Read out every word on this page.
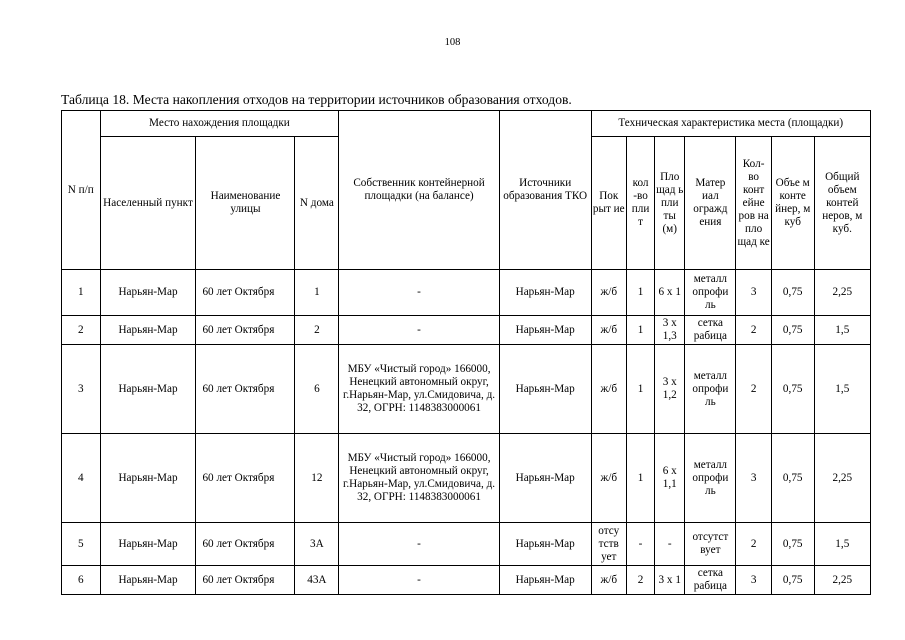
108
Таблица 18. Места накопления отходов на территории источников образования отходов.
N п/п	Место нахождения площадки			Собственник контейнерной площадки (на балансе)	Источники образования ТКО	Техническая характеристика места (площадки)						
	Населенный пункт	Наименование улицы	N дома			Пок рыт ие	кол -во пли т	Пло щад ь пли ты (м)	Матер иал огражд ения	Кол- во конт ейне ров на пло щад ке	Объе м конте йнер, м куб	Общий объем контей неров, м куб.
1	Нарьян-Мар	60 лет Октября	1	-	Нарьян-Мар	ж/б	1	6 x 1	металл опрофи ль	3	0,75	2,25
2	Нарьян-Мар	60 лет Октября	2	-	Нарьян-Мар	ж/б	1	3 x 1,3	сетка рабица	2	0,75	1,5
3	Нарьян-Мар	60 лет Октября	6	МБУ «Чистый город» 166000, Ненецкий автономный округ, г.Нарьян-Мар, ул.Смидовича, д. 32, ОГРН: 1148383000061	Нарьян-Мар	ж/б	1	3 x 1,2	металл опрофи ль	2	0,75	1,5
4	Нарьян-Мар	60 лет Октября	12	МБУ «Чистый город» 166000, Ненецкий автономный округ, г.Нарьян-Мар, ул.Смидовича, д. 32, ОГРН: 1148383000061	Нарьян-Мар	ж/б	1	6 x 1,1	металл опрофи ль	3	0,75	2,25
5	Нарьян-Мар	60 лет Октября	3А	-	Нарьян-Мар	отсу тств ует	-	-	отсутст вует	2	0,75	1,5
6	Нарьян-Мар	60 лет Октября	43А	-	Нарьян-Мар	ж/б	2	3 x 1	сетка рабица	3	0,75	2,25
